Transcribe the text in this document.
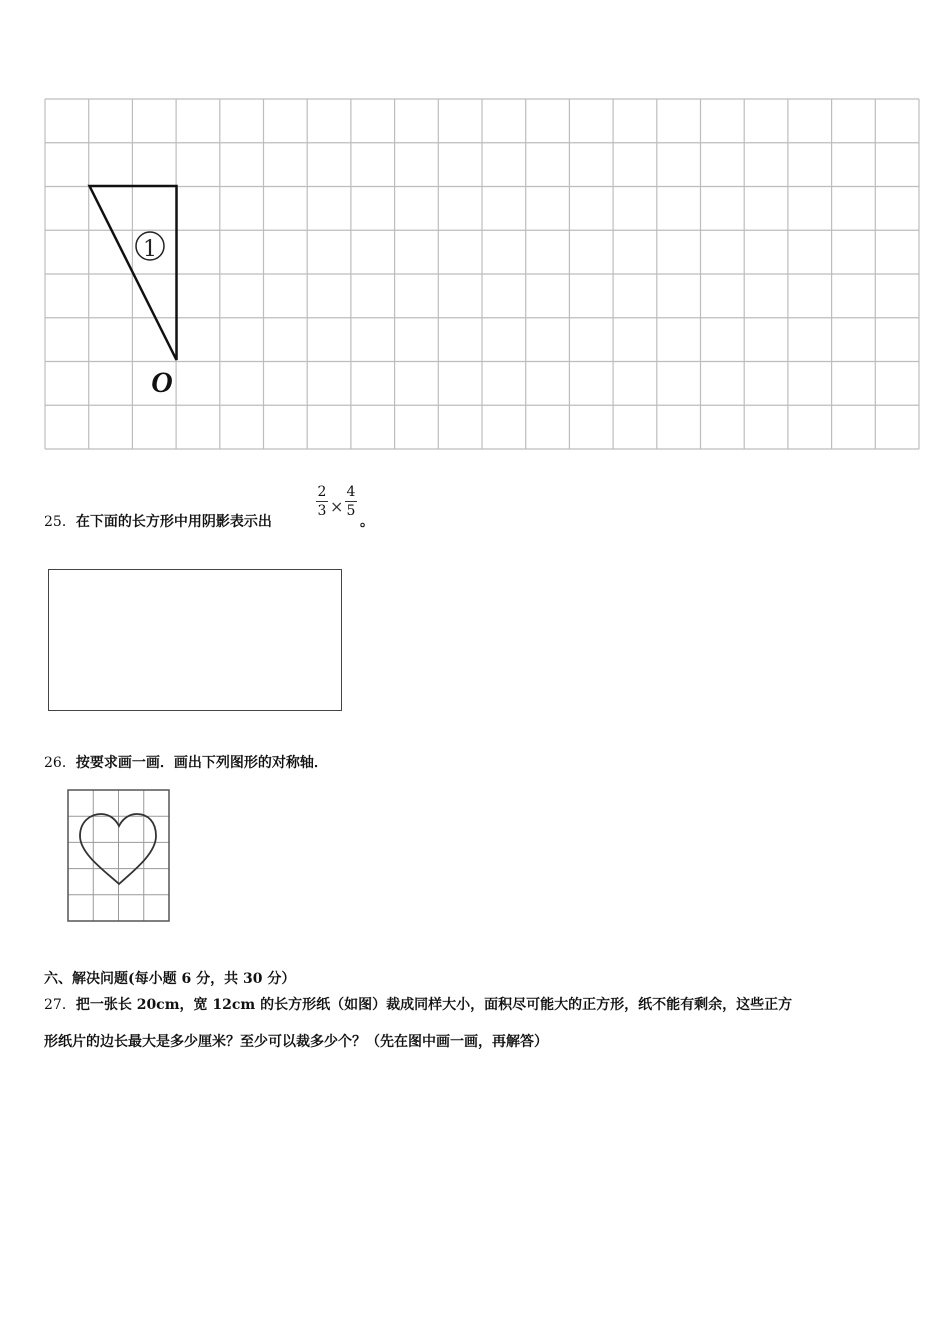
1
O
25．在下面的长方形中用阴影表示出
2
3 ×
4
5
。
26．按要求画一画．画出下列图形的对称轴．
六、解决问题(每小题 6 分，共 30 分）
27．把一张长 20cm，宽 12cm 的长方形纸（如图）裁成同样大小，面积尽可能大的正方形，纸不能有剩余，这些正方
形纸片的边长最大是多少厘米？至少可以裁多少个？（先在图中画一画，再解答）
